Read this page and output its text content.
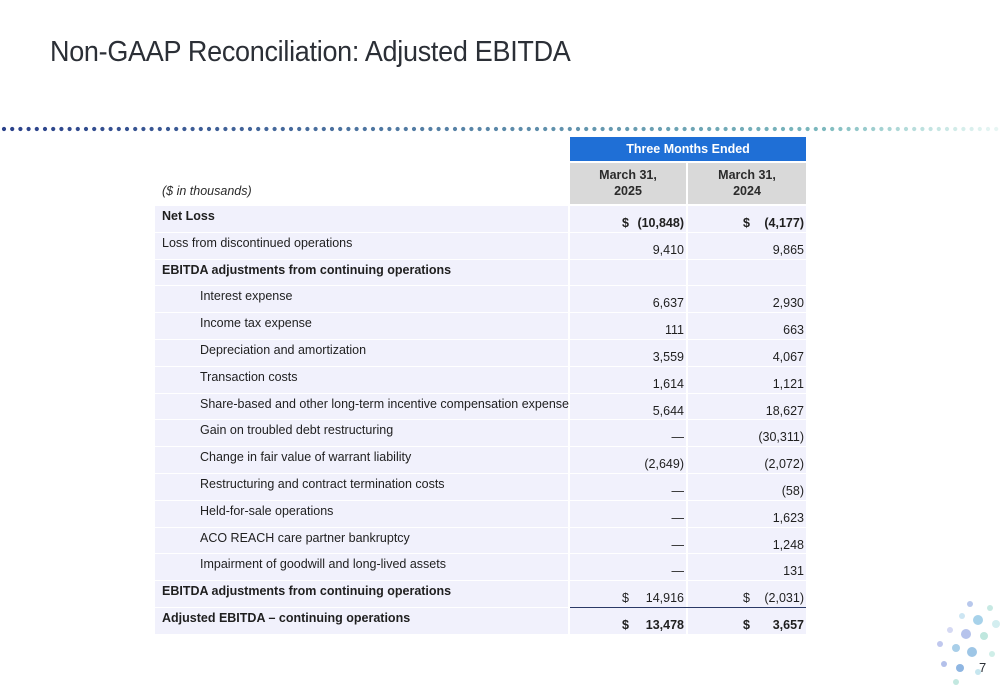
Non-GAAP Reconciliation: Adjusted EBITDA
Three Months Ended
($ in thousands)
March 31,
2025
March 31,
2024
Net Loss	$ (10,848)	$ (4,177)
Loss from discontinued operations	9,410	9,865
EBITDA adjustments from continuing operations
Interest expense	6,637	2,930
Income tax expense	111	663
Depreciation and amortization	3,559	4,067
Transaction costs	1,614	1,121
Share-based and other long-term incentive compensation expense	5,644	18,627
Gain on troubled debt restructuring	—	(30,311)
Change in fair value of warrant liability	(2,649)	(2,072)
Restructuring and contract termination costs	—	(58)
Held-for-sale operations	—	1,623
ACO REACH care partner bankruptcy	—	1,248
Impairment of goodwill and long-lived assets	—	131
EBITDA adjustments from continuing operations	$ 14,916	$ (2,031)
Adjusted EBITDA – continuing operations	$ 13,478	$ 3,657
7
